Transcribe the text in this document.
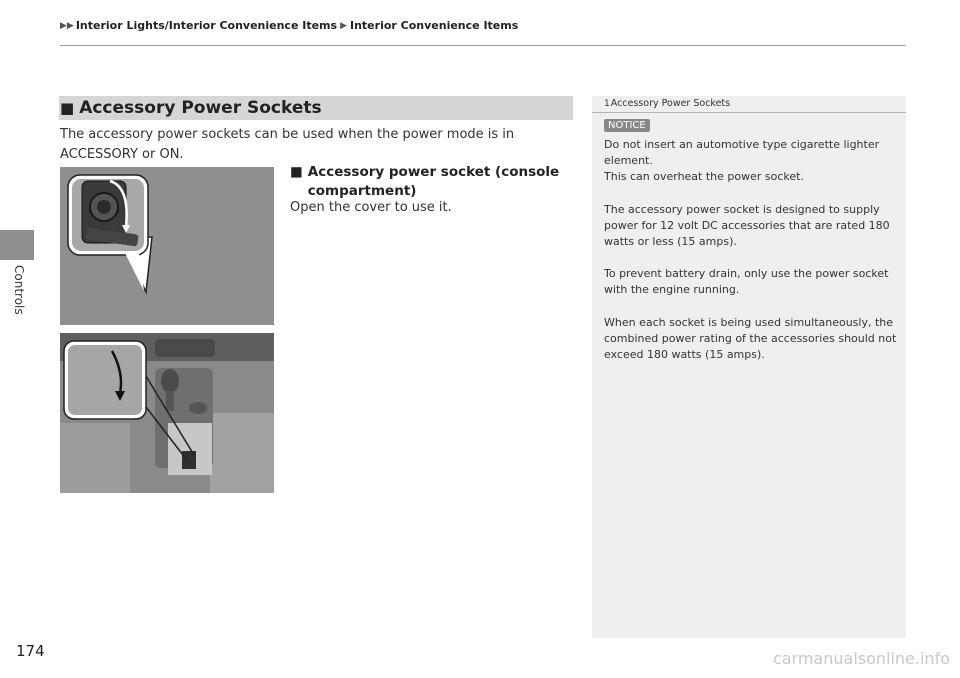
▶▶ Interior Lights/Interior Convenience Items ▶ Interior Convenience Items
Controls
174
■ Accessory Power Sockets
The accessory power sockets can be used when the power mode is in ACCESSORY or ON.
■ Accessory power socket (console compartment)
Open the cover to use it.
1Accessory Power Sockets
NOTICE

Do not insert an automotive type cigarette lighter element.
This can overheat the power socket.

The accessory power socket is designed to supply power for 12 volt DC accessories that are rated 180 watts or less (15 amps).

To prevent battery drain, only use the power socket with the engine running.

When each socket is being used simultaneously, the combined power rating of the accessories should not exceed 180 watts (15 amps).

carmanualsonline.info
